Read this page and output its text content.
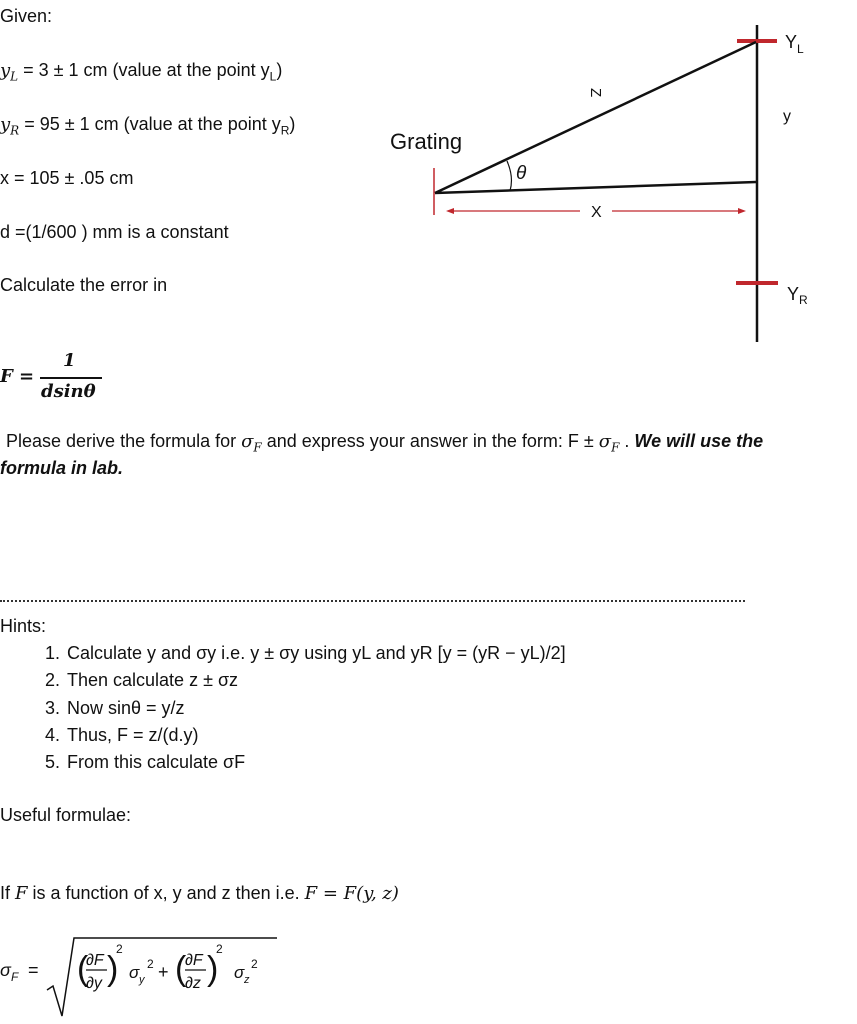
Given:
$y_L = 3 \pm 1$ cm (value at the point $y_L$)
$y_R = 95 \pm 1$ cm (value at the point $y_R$)
x = 105 ± .05 cm
d =(1/600 ) mm is a constant
Calculate the error in
F =
1
dsinθ
Please derive the formula for $\sigma_F$ and express your answer in the form: $F \pm \sigma_F$ . We will use the
formula in lab.
Hints:
1. Calculate y and σy i.e. y ± σy using yL and yR [y = (yR − yL)/2]
2. Then calculate z ± σz
3. Now sinθ = y/z
4. Thus, F = z/(d.y)
5. From this calculate σF
Useful formulae:
If F is a function of x, y and z then i.e. F = F(y, z)
σ F = (
∂F
∂y )
2
σ y
2 + (
∂F
∂z )
2
σ z
2
Grating
θ
Z
X
y
Y L
Y R
